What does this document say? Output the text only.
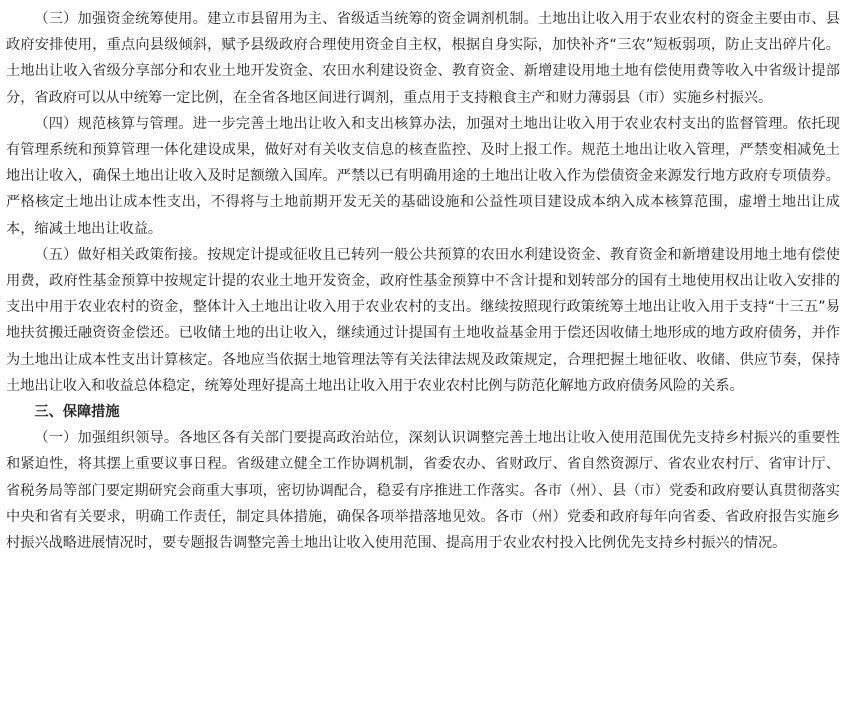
（三）加强资金统筹使用。建立市县留用为主、省级适当统筹的资金调剂机制。土地出让收入用于农业农村的资金主要由市、县政府安排使用，重点向县级倾斜，赋予县级政府合理使用资金自主权，根据自身实际，加快补齐“三农”短板弱项，防止支出碎片化。土地出让收入省级分享部分和农业土地开发资金、农田水利建设资金、教育资金、新增建设用地土地有偿使用费等收入中省级计提部分，省政府可以从中统筹一定比例，在全省各地区间进行调剂，重点用于支持粮食主产和财力薄弱县（市）实施乡村振兴。

（四）规范核算与管理。进一步完善土地出让收入和支出核算办法，加强对土地出让收入用于农业农村支出的监督管理。依托现有管理系统和预算管理一体化建设成果，做好对有关收支信息的核查监控、及时上报工作。规范土地出让收入管理，严禁变相减免土地出让收入，确保土地出让收入及时足额缴入国库。严禁以已有明确用途的土地出让收入作为偿债资金来源发行地方政府专项债券。严格核定土地出让成本性支出，不得将与土地前期开发无关的基础设施和公益性项目建设成本纳入成本核算范围，虚增土地出让成本，缩减土地出让收益。

（五）做好相关政策衔接。按规定计提或征收且已转列一般公共预算的农田水利建设资金、教育资金和新增建设用地土地有偿使用费，政府性基金预算中按规定计提的农业土地开发资金，政府性基金预算中不含计提和划转部分的国有土地使用权出让收入安排的支出中用于农业农村的资金，整体计入土地出让收入用于农业农村的支出。继续按照现行政策统筹土地出让收入用于支持“十三五”易地扶贫搬迁融资资金偿还。已收储土地的出让收入，继续通过计提国有土地收益基金用于偿还因收储土地形成的地方政府债务，并作为土地出让成本性支出计算核定。各地应当依据土地管理法等有关法律法规及政策规定，合理把握土地征收、收储、供应节奏，保持土地出让收入和收益总体稳定，统筹处理好提高土地出让收入用于农业农村比例与防范化解地方政府债务风险的关系。

三、保障措施

（一）加强组织领导。各地区各有关部门要提高政治站位，深刻认识调整完善土地出让收入使用范围优先支持乡村振兴的重要性和紧迫性，将其摆上重要议事日程。省级建立健全工作协调机制，省委农办、省财政厅、省自然资源厅、省农业农村厅、省审计厅、省税务局等部门要定期研究会商重大事项，密切协调配合，稳妥有序推进工作落实。各市（州）、县（市）党委和政府要认真贯彻落实中央和省有关要求，明确工作责任，制定具体措施，确保各项举措落地见效。各市（州）党委和政府每年向省委、省政府报告实施乡村振兴战略进展情况时，要专题报告调整完善土地出让收入使用范围、提高用于农业农村投入比例优先支持乡村振兴的情况。
